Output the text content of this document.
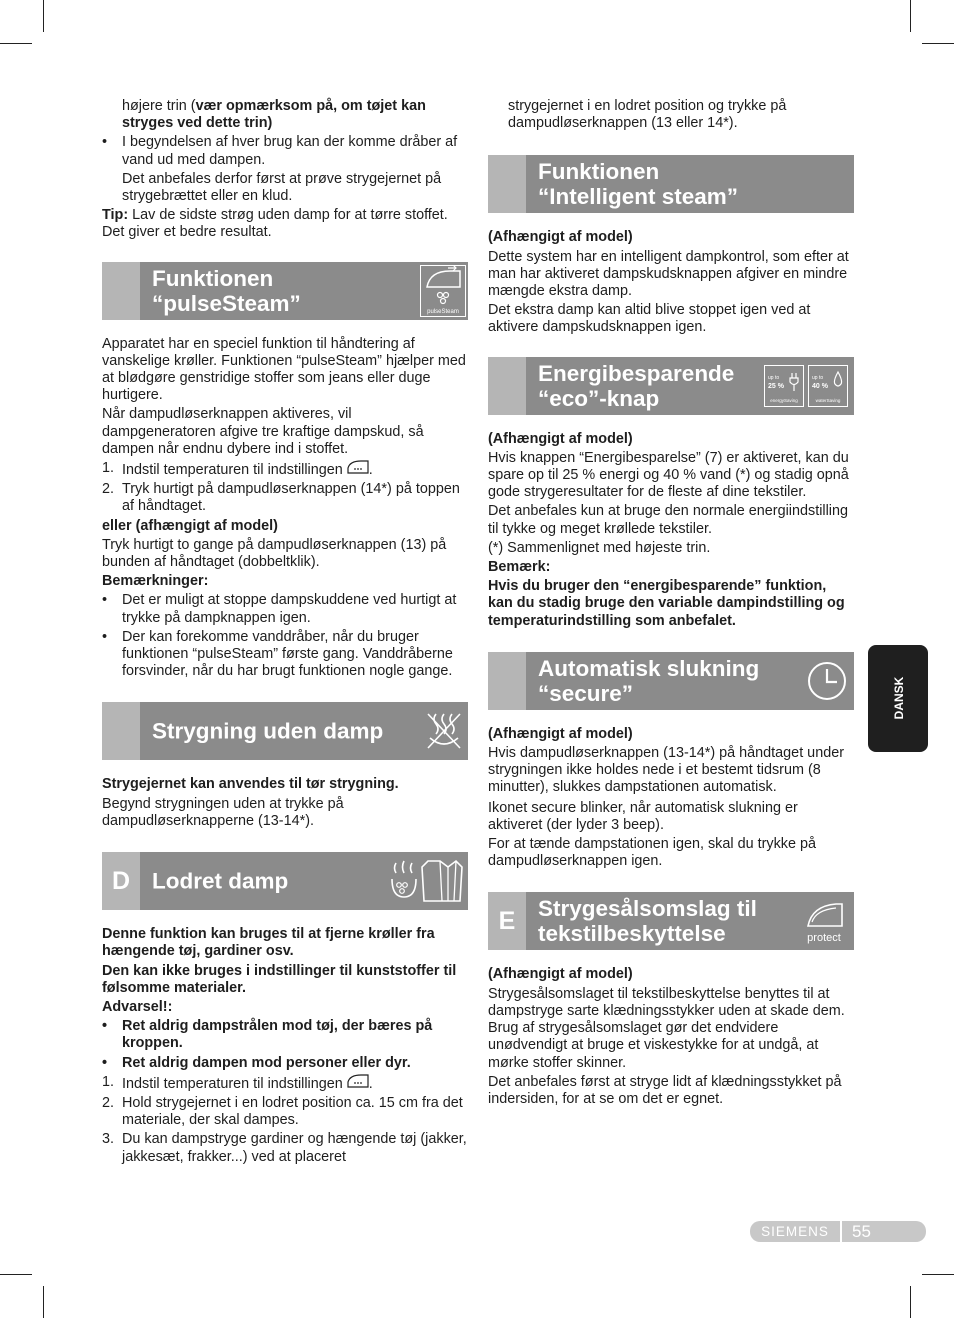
højere trin (vær opmærksom på, om tøjet kan stryges ved dette trin)

• I begyndelsen af hver brug kan der komme dråber af vand ud med dampen.

Det anbefales derfor først at prøve strygejernet på strygebrættet eller en klud.

Tip: Lav de sidste strøg uden damp for at tørre stoffet. Det giver et bedre resultat.

Funktionen
“pulseSteam”	pulseSteam

Apparatet har en speciel funktion til håndtering af vanskelige krøller. Funktionen “pulseSteam” hjælper med at blødgøre genstridige stoffer som jeans eller duge hurtigere.

Når dampudløserknappen aktiveres, vil dampgeneratoren afgive tre kraftige dampskud, så dampen når endnu dybere ind i stoffet.

1. Indstil temperaturen til indstillingen .
2. Tryk hurtigt på dampudløserknappen (14*) på toppen af håndtaget.

eller (afhængigt af model)

Tryk hurtigt to gange på dampudløserknappen (13) på bunden af håndtaget (dobbeltklik).

Bemærkninger:

• Det er muligt at stoppe dampskuddene ved hurtigt at trykke på dampknappen igen.
• Der kan forekomme vanddråber, når du bruger funktionen “pulseSteam” første gang. Vanddråberne forsvinder, når du har brugt funktionen nogle gange.
Strygning uden damp

Strygejernet kan anvendes til tør strygning.

Begynd strygningen uden at trykke på dampudløserknapperne (13-14*).

D Lodret damp

Denne funktion kan bruges til at fjerne krøller fra hængende tøj, gardiner osv.

Den kan ikke bruges i indstillinger til kunststoffer til følsomme materialer.

Advarsel!:

• Ret aldrig dampstrålen mod tøj, der bæres på kroppen.
• Ret aldrig dampen mod personer eller dyr.
1. Indstil temperaturen til indstillingen .
2. Hold strygejernet i en lodret position ca. 15 cm fra det materiale, der skal dampes.
3. Du kan dampstryge gardiner og hængende tøj (jakker, jakkesæt, frakker...) ved at placeret

strygejernet i en lodret position og trykke på dampudløserknappen (13 eller 14*).

Funktionen
“Intelligent steam”

(Afhængigt af model)

Dette system har en intelligent dampkontrol, som efter at man har aktiveret dampskudsknappen afgiver en mindre mængde ekstra damp.

Det ekstra damp kan altid blive stoppet igen ved at aktivere dampskudsknappen igen.

Energibesparende
“eco”-knap
up to
25 %
energySaving
up to
40 %
waterSaving

(Afhængigt af model)

Hvis knappen “Energibesparelse” (7) er aktiveret, kan du spare op til 25 % energi og 40 % vand (*) og stadig opnå gode strygeresultater for de fleste af dine tekstiler.

Det anbefales kun at bruge den normale energiindstilling til tykke og meget krøllede tekstiler.

(*) Sammenlignet med højeste trin.

Bemærk:

Hvis du bruger den “energibesparende” funktion, kan du stadig bruge den variable dampindstilling og temperaturindstilling som anbefalet.

Automatisk slukning
“secure”

(Afhængigt af model)

Hvis dampudløserknappen (13-14*) på håndtaget under strygningen ikke holdes nede i et bestemt tidsrum (8 minutter), slukkes dampstationen automatisk.

Ikonet secure blinker, når automatisk slukning er aktiveret (der lyder 3 beep).

For at tænde dampstationen igen, skal du trykke på dampudløserknappen igen.

E	Strygesålsomslag til
tekstilbeskyttelse	protect

(Afhængigt af model)

Strygesålsomslaget til tekstilbeskyttelse benyttes til at dampstryge sarte klædningsstykker uden at skade dem. Brug af strygesålsomslaget gør det endvidere unødvendigt at bruge et viskestykke for at undgå, at mørke stoffer skinner.

Det anbefales først at stryge lidt af klædningsstykket på indersiden, for at se om det er egnet.

DANSK
SIEMENS	55
